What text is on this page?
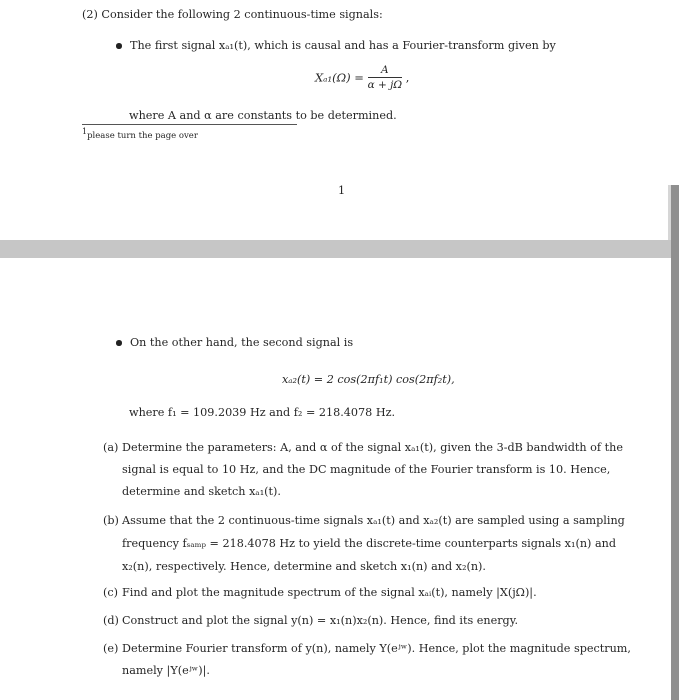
(2) Consider the following 2 continuous-time signals:
The first signal xₐ₁(t), which is causal and has a Fourier-transform given by
$X_{a1}(\Omega) = \frac{A}{\alpha + j\Omega}$ ,
where A and α are constants to be determined.
$^1$please turn the page over
1
On the other hand, the second signal is
xₐ₂(t) = 2 cos(2πf₁t) cos(2πf₂t),
where f₁ = 109.2039 Hz and f₂ = 218.4078 Hz.
(a) Determine the parameters: A, and α of the signal xₐ₁(t), given the 3-dB bandwidth of the
signal is equal to 10 Hz, and the DC magnitude of the Fourier transform is 10. Hence,
determine and sketch xₐ₁(t).
(b) Assume that the 2 continuous-time signals xₐ₁(t) and xₐ₂(t) are sampled using a sampling
frequency fₛₐₘₚ = 218.4078 Hz to yield the discrete-time counterparts signals x₁(n) and
x₂(n), respectively. Hence, determine and sketch x₁(n) and x₂(n).
(c) Find and plot the magnitude spectrum of the signal xₐᵢ(t), namely |X(jΩ)|.
(d) Construct and plot the signal y(n) = x₁(n)x₂(n). Hence, find its energy.
(e) Determine Fourier transform of y(n), namely Y(eʲʷ). Hence, plot the magnitude spectrum,
namely |Y(eʲʷ)|.
